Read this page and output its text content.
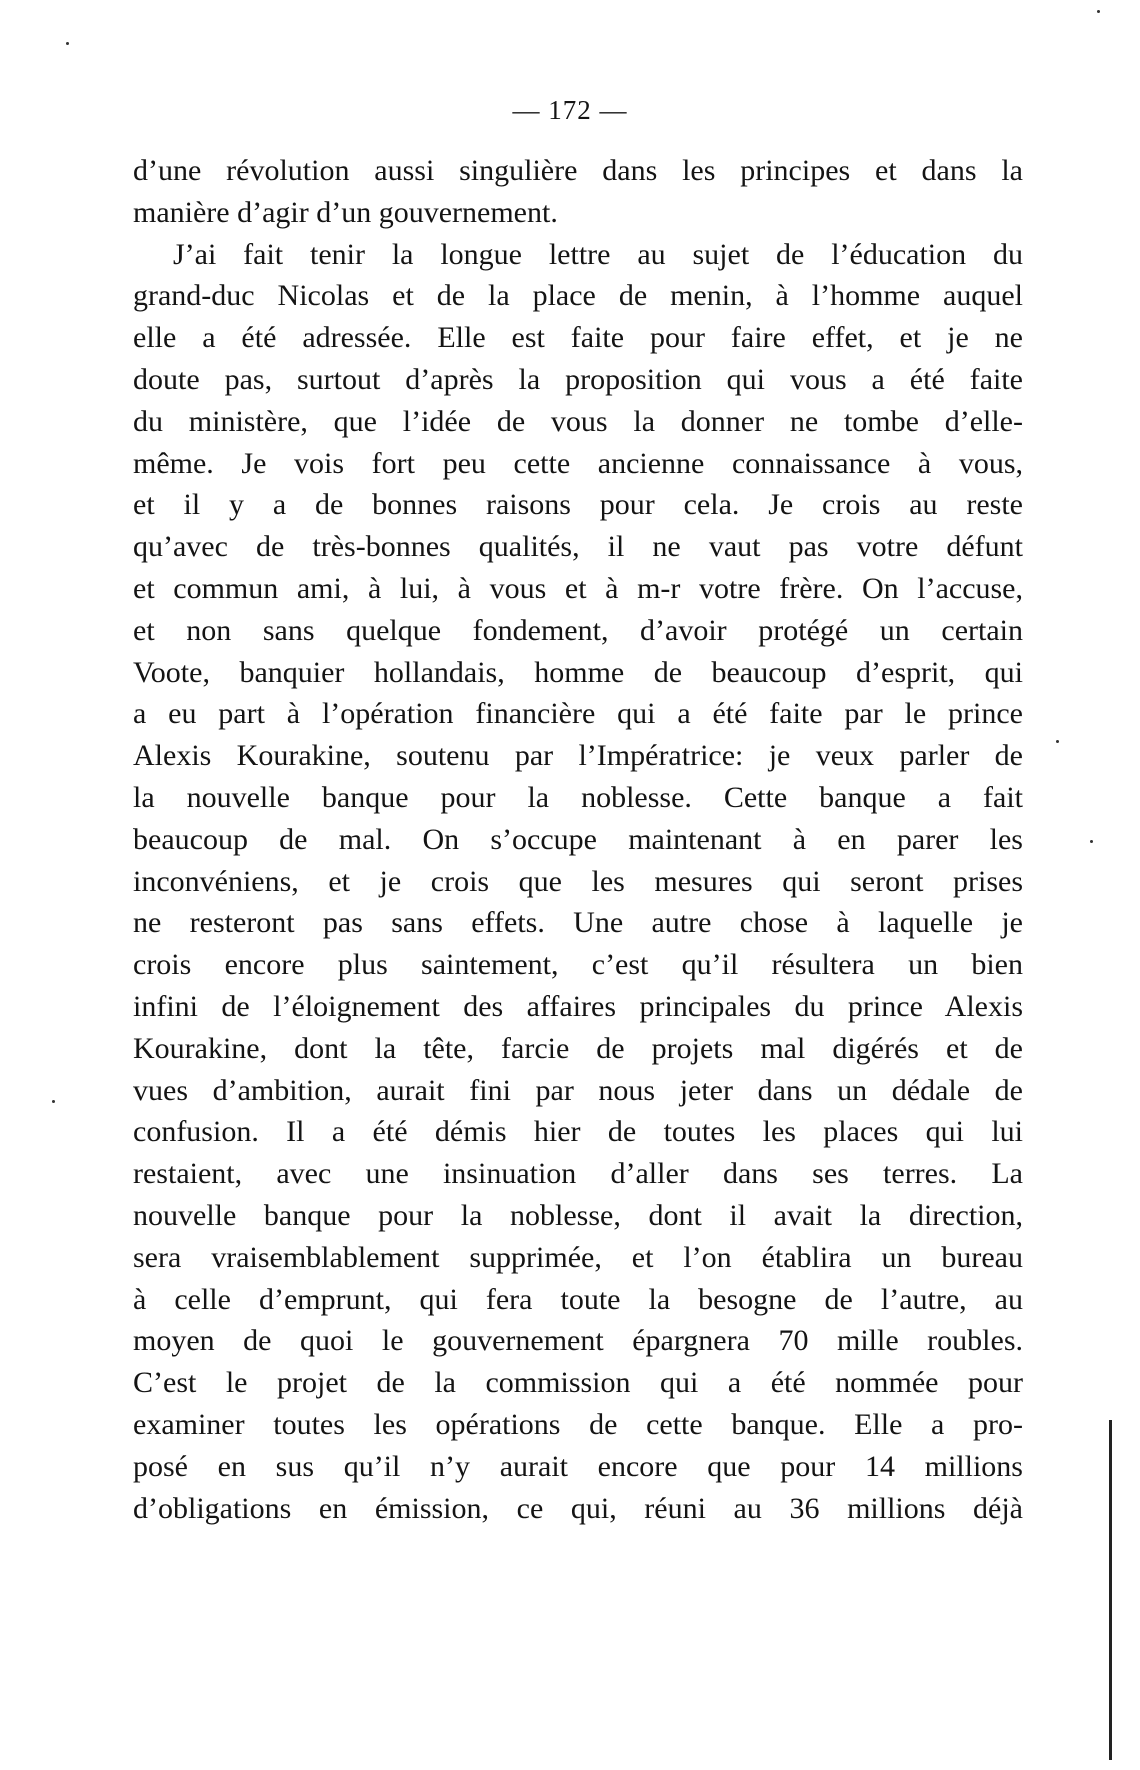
— 172 —
d’une révolution aussi singulière dans les principes et dans la
manière d’agir d’un gouvernement.
J’ai fait tenir la longue lettre au sujet de l’éducation du
grand-duc Nicolas et de la place de menin, à l’homme auquel
elle a été adressée. Elle est faite pour faire effet, et je ne
doute pas, surtout d’après la proposition qui vous a été faite
du ministère, que l’idée de vous la donner ne tombe d’elle-
même. Je vois fort peu cette ancienne connaissance à vous,
et il y a de bonnes raisons pour cela. Je crois au reste
qu’avec de très-bonnes qualités, il ne vaut pas votre défunt
et commun ami, à lui, à vous et à m-r votre frère. On l’accuse,
et non sans quelque fondement, d’avoir protégé un certain
Voote, banquier hollandais, homme de beaucoup d’esprit, qui
a eu part à l’opération financière qui a été faite par le prince
Alexis Kourakine, soutenu par l’Impératrice: je veux parler de
la nouvelle banque pour la noblesse. Cette banque a fait
beaucoup de mal. On s’occupe maintenant à en parer les
inconvéniens, et je crois que les mesures qui seront prises
ne resteront pas sans effets. Une autre chose à laquelle je
crois encore plus saintement, c’est qu’il résultera un bien
infini de l’éloignement des affaires principales du prince Alexis
Kourakine, dont la tête, farcie de projets mal digérés et de
vues d’ambition, aurait fini par nous jeter dans un dédale de
confusion. Il a été démis hier de toutes les places qui lui
restaient, avec une insinuation d’aller dans ses terres. La
nouvelle banque pour la noblesse, dont il avait la direction,
sera vraisemblablement supprimée, et l’on établira un bureau
à celle d’emprunt, qui fera toute la besogne de l’autre, au
moyen de quoi le gouvernement épargnera 70 mille roubles.
C’est le projet de la commission qui a été nommée pour
examiner toutes les opérations de cette banque. Elle a pro-
posé en sus qu’il n’y aurait encore que pour 14 millions
d’obligations en émission, ce qui, réuni au 36 millions déjà
